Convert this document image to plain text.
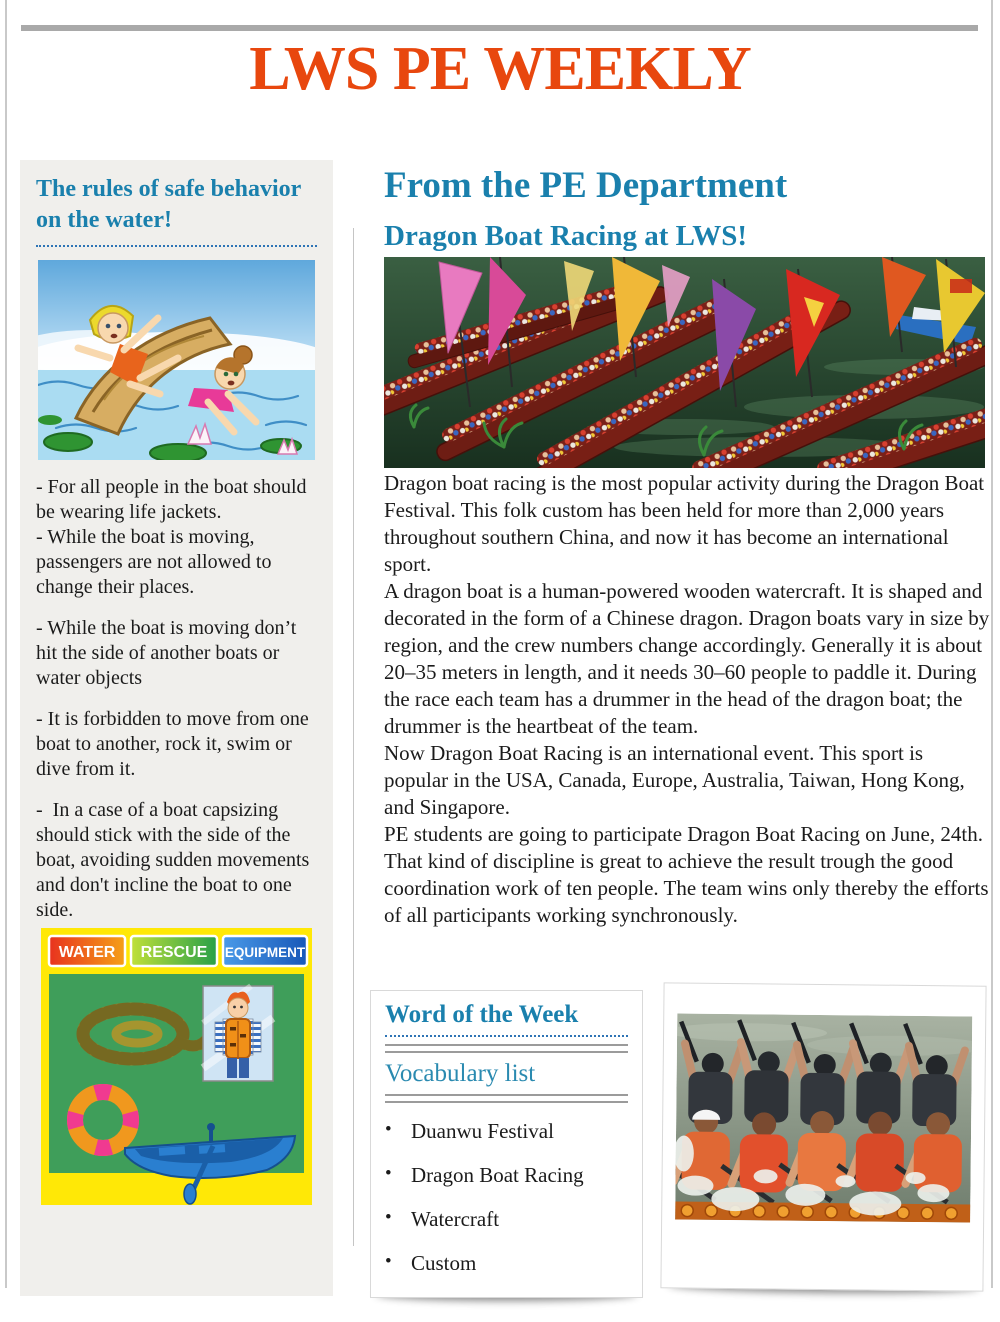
LWS PE WEEKLY
The rules of safe behavior on the water!

- For all people in the boat should be wearing life jackets.

- While the boat is moving, passengers are not allowed to change their places.

- While the boat is moving don’t hit the side of another boats or water objects

- It is forbidden to move from one boat to another, rock it, swim or dive from it.

-  In a case of a boat capsizing should stick with the side of the boat, avoiding sudden movements and don't incline the boat to one side.

WATER RESCUE EQUIPMENT
From the PE Department
Dragon Boat Racing at LWS!

Dragon boat racing is the most popular activity during the Dragon Boat Festival. This folk custom has been held for more than 2,000 years throughout southern China, and now it has become an international sport.

A dragon boat is a human-powered wooden watercraft. It is shaped and decorated in the form of a Chinese dragon. Dragon boats vary in size by region, and the crew numbers change accordingly. Generally it is about 20–35 meters in length, and it needs 30–60 people to paddle it. During the race each team has a drummer in the head of the dragon boat; the drummer is the heartbeat of the team.

Now Dragon Boat Racing is an international event. This sport is popular in the USA, Canada, Europe, Australia, Taiwan, Hong Kong, and Singapore.

PE students are going to participate Dragon Boat Racing on June, 24th. That kind of discipline is great to achieve the result trough the good coordination work of ten people. The team wins only thereby the efforts of all participants working synchronously.

Word of the Week
Vocabulary list
• Duanwu Festival
• Dragon Boat Racing
• Watercraft
• Custom
